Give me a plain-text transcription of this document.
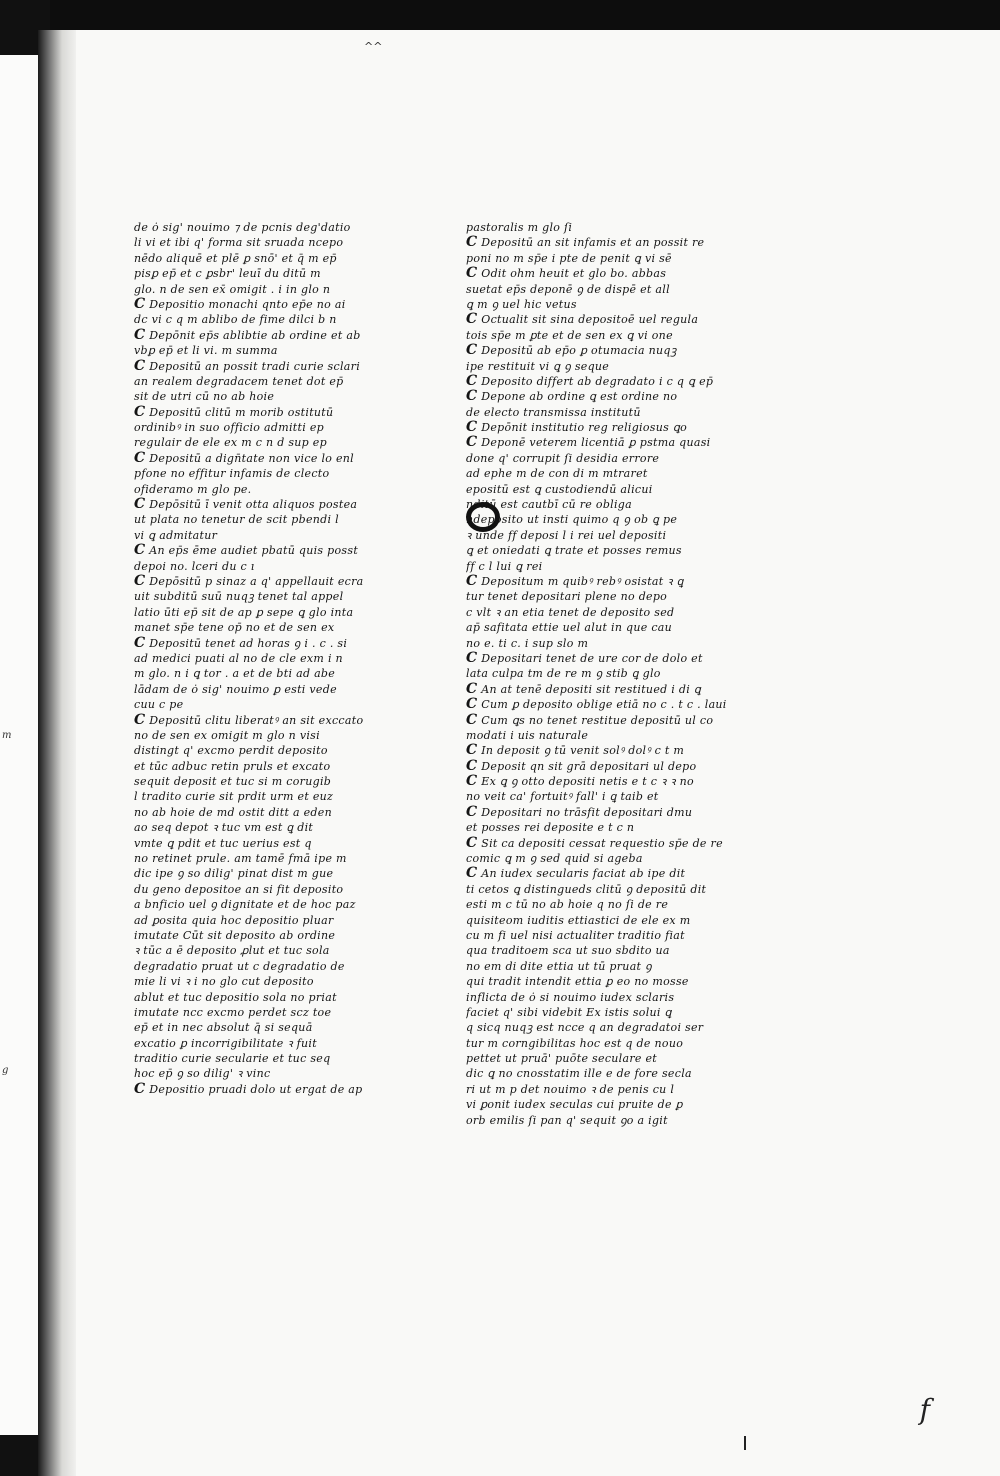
m
g
^^
de ȯ sig' nouimo ⁊ de pcnis deg'datio
li vi et ibi q' forma sit sruada ncepo
nēdo aliquē et plē ꝑ snō' et q̄ m ep̄
pisꝑ ep̄ et c ꝑsbr' leuī du ditū m
glo. n de sen ex̄ omigit . i in glo n
C Depositio monachi qnto ep̄e no ai
dc vi c q m ablibo de fime dilci b n
C Depōnit ep̄s ablibtie ab ordine et ab
vbꝑ ep̄ et li vi. m summa
C Depositū an possit tradi curie sclari
an realem degradacem tenet dot ep̄
sit de utri cū no ab hoie
C Depositū clitū m morib ostitutū
ordinibꝰ in suo officio admitti ep
regulair de ele ex m c n d sup ep
C Depositū a dign̄tate non vice lo enl
pfone no effitur infamis de clecto
ofideramo m glo pe.
C Depōsitū ī venit otta aliquos postea
ut plata no tenetur de scit pbendi l
vi ꝗ admitatur
C An ep̄s ēme audiet pbatū quis posst
depoi no. lceri du c ı
C Depōsitū p sinaz a q' appellauit ecra
uit subditū suū nuqꝫ tenet tal appel
latio ūti ep̄ sit de ap ꝑ sepe ꝗ glo inta
manet sp̄e tene op̄ no et de sen ex
C Depositū tenet ad horas ꝯ i . c . si
ad medici puati al no de cle exm i n
m glo. n i ꝗ tor . a et de bti ad abe
lādam de ȯ sig' nouimo ꝑ esti vede
cuu c pe
C Depositū clitu liberatꝰ an sit exccato
no de sen ex omigit m glo n visi
distingt q' excmo perdit deposito
et tūc adbuc retin pruls et excato
sequit deposit et tuc si m corugib
l tradito curie sit prdit urm et euz
no ab hoie de md ostit ditt a eden
ao seq depot ꝛ tuc vm est ꝗ dit
vmte ꝗ pdit et tuc uerius est q
no retinet prule. am tamē fmā ipe m
dic ipe ꝯ so dilig' pinat dist m gue
du geno depositoe an si fit deposito
a bnficio uel ꝯ dignitate et de hoc paz
ad ꝑosita quia hoc depositio pluar
imutate Cūt sit deposito ab ordine
ꝛ tūc a ē deposito ꝓlut et tuc sola
degradatio pruat ut c degradatio de
mie li vi ꝛ i no glo cut deposito
ablut et tuc depositio sola no priat
imutate ncc excmo perdet scz toe
ep̄ et in nec absolut q̄ si sequā
excatio ꝑ incorrigibilitate ꝛ fuit
traditio curie secularie et tuc seq
hoc ep̄ ꝯ so dilig' ꝛ vinc
C Depositio pruadi dolo ut ergat de ap
pastoralis m glo ſi
C Depositū an sit infamis et an possit re
poni no m sp̄e i pte de penit ꝗ vi sē
C Odit ohm heuit et glo bo. abbas
suetat ep̄s deponē ꝯ de dispē et all
ꝗ m ꝯ uel hic vetus
C Octualit sit sina depositoē uel regula
tois sp̄e m ꝑte et de sen ex ꝗ vi one
C Depositū ab ep̄o ꝑ otumacia nuqꝫ
ipe restituit vi ꝗ ꝯ seque
C Deposito differt ab degradato i c q ꝗ ep̄
C Depone ab ordine ꝗ est ordine no
de electo transmissa institutū
C Depōnit institutio reg religiosus ꝗo
C Deponē veterem licentiā ꝑ pstma quasi
done q' corrupit ſi desidia errore
ad ephe m de con di m mtraret
epositū est ꝗ custodiendū alicui
nditū est cautbī cū re obliga
ndeposito ut insti quimo q ꝯ ob ꝗ pe
ꝛ unde ff deposi l i rei uel depositi
ꝗ et oniedati ꝗ trate et posses remus
ff c l lui ꝗ rei
C Depositum m quibꝰ rebꝰ osistat ꝛ ꝗ
tur tenet depositari plene no depo
c vlt ꝛ an etia tenet de deposito sed
ap̄ safitata ettie uel alut in que cau
no e. ti c. i sup slo m
C Depositari tenet de ure cor de dolo et
lata culpa tm de re m ꝯ stib ꝗ glo
C An at tenē depositi sit restitued i di ꝗ
C Cum ꝑ deposito oblige etiā no c . t c . laui
C Cum ꝗs no tenet restitue depositū ul co
modati i uis naturale
C In deposit ꝯ tū venit solꝰ dolꝰ c t m
C Deposit qn sit grā depositari ul depo
C Ex ꝗ ꝯ otto depositi netis e t c ꝛ ꝛ no
no veit ca' fortuitꝰ fall' i ꝗ taib et
C Depositari no trāsfit depositari dmu
et posses rei deposite e t c n
C Sit ca depositi cessat requestio sp̄e de re
comic ꝗ m ꝯ sed quid si ageba
C An iudex secularis faciat ab ipe dit
ti cetos ꝗ distingueds clitū ꝯ depositū dit
esti m c tū no ab hoie q no ſi de re
quisiteom iuditis ettiastici de ele ex m
cu m fi uel nisi actualiter traditio fiat
qua traditoem sca ut suo sbdito ua
no em di dite ettia ut tū pruat ꝯ
qui tradit intendit ettia ꝑ eo no mosse
inflicta de ȯ si nouimo iudex sclaris
faciet q' sibi videbit Ex istis solui ꝗ
q sicq nuqꝫ est ncce q an degradatoi ser
tur m corngibilitas hoc est q de nouo
pettet ut pruā' puōte seculare et
dic ꝗ no cnosstatim ille e de fore secla
ri ut m p det nouimo ꝛ de penis cu l
vi ꝑonit iudex seculas cui pruite de ꝑ
orb emilis ſi pan q' sequit ꝯo a igit
f
